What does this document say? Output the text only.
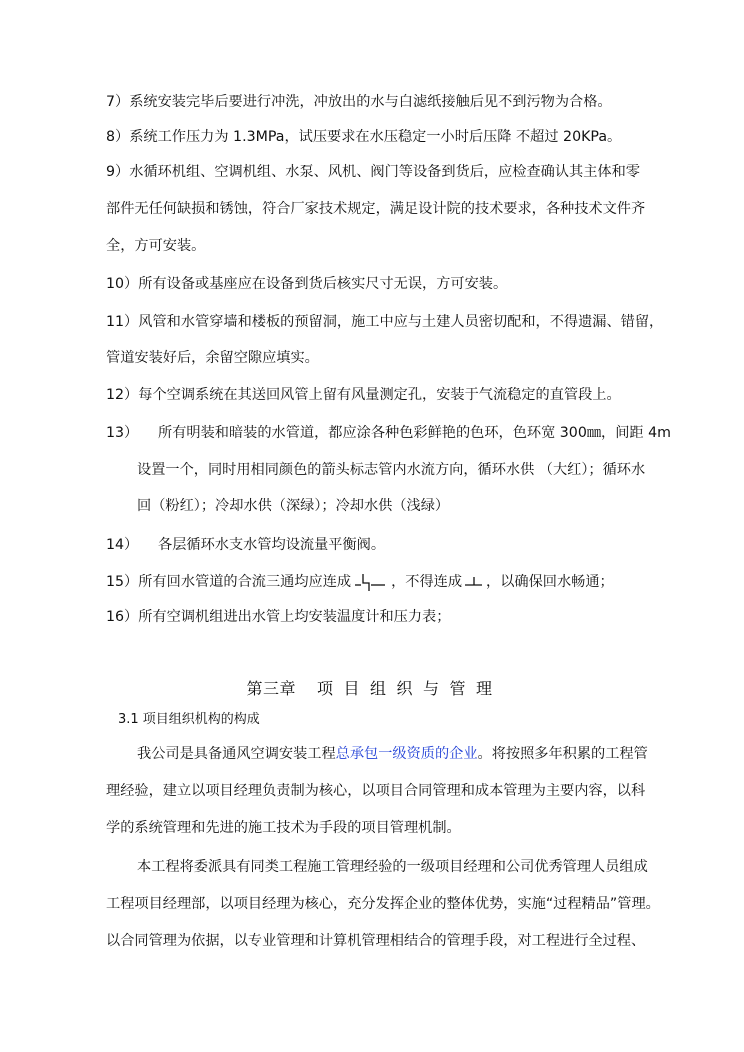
7）系统安装完毕后要进行冲洗，冲放出的水与白滤纸接触后见不到污物为合格。
8）系统工作压力为 1.3MPa，试压要求在水压稳定一小时后压降 不超过 20KPa。
9）水循环机组、空调机组、水泵、风机、阀门等设备到货后，应检查确认其主体和零
部件无任何缺损和锈蚀，符合厂家技术规定，满足设计院的技术要求，各种技术文件齐
全，方可安装。
10）所有设备或基座应在设备到货后核实尺寸无误，方可安装。
11）风管和水管穿墙和楼板的预留洞，施工中应与土建人员密切配和，不得遗漏、错留，
管道安装好后，余留空隙应填实。
12）每个空调系统在其送回风管上留有风量测定孔，安装于气流稳定的直管段上。
13） 所有明装和暗装的水管道，都应涂各种色彩鲜艳的色环，色环宽 300㎜，间距 4m
设置一个，同时用相同颜色的箭头标志管内水流方向，循环水供 （大红）；循环水
回（粉红）；冷却水供（深绿）；冷却水供（浅绿）
14） 各层循环水支水管均设流量平衡阀。
15）所有回水管道的合流三通均应连成	，不得连成 ，以确保回水畅通；
16）所有空调机组进出水管上均安装温度计和压力表；
第三章 项 目 组 织 与 管 理
3.1 项目组织机构的构成
我公司是具备通风空调安装工程总承包一级资质的企业。将按照多年积累的工程管
理经验，建立以项目经理负责制为核心，以项目合同管理和成本管理为主要内容，以科
学的系统管理和先进的施工技术为手段的项目管理机制。
本工程将委派具有同类工程施工管理经验的一级项目经理和公司优秀管理人员组成
工程项目经理部，以项目经理为核心，充分发挥企业的整体优势，实施“过程精品”管理。
以合同管理为依据，以专业管理和计算机管理相结合的管理手段，对工程进行全过程、
